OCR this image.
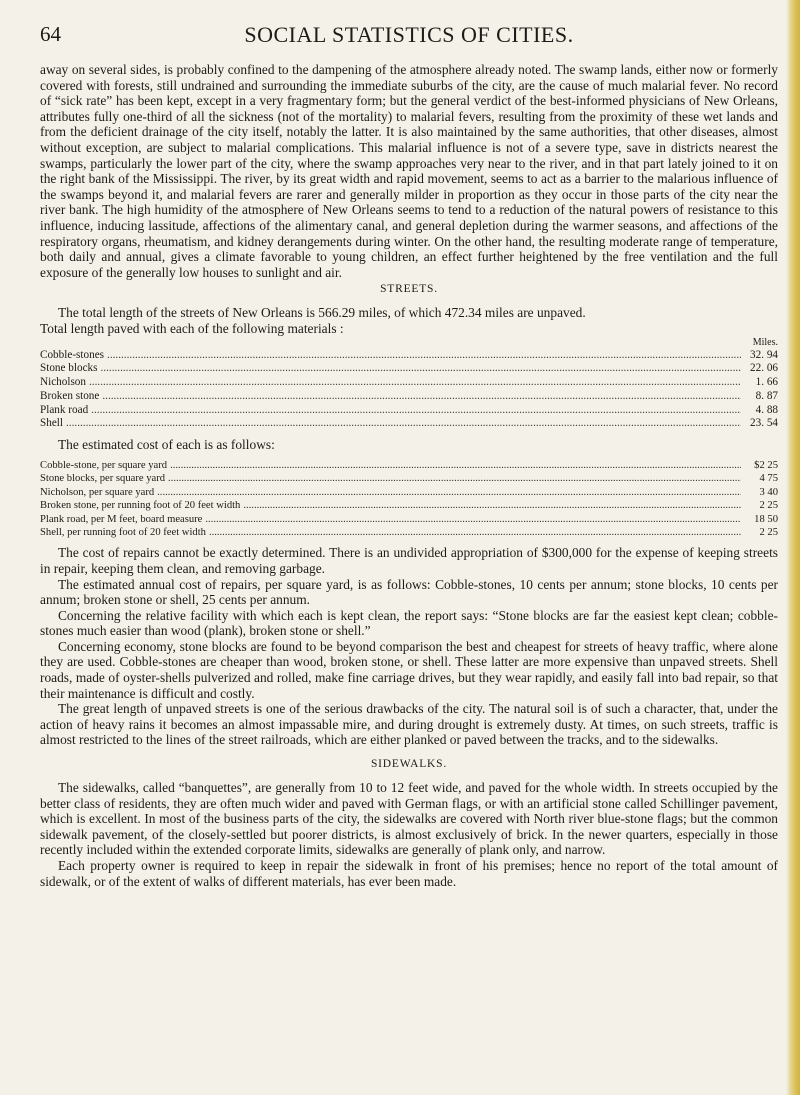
64	SOCIAL STATISTICS OF CITIES.

away on several sides, is probably confined to the dampening of the atmosphere already noted. The swamp lands, either now or formerly covered with forests, still undrained and surrounding the immediate suburbs of the city, are the cause of much malarial fever. No record of “sick rate” has been kept, except in a very fragmentary form; but the general verdict of the best-informed physicians of New Orleans, attributes fully one-third of all the sickness (not of the mortality) to malarial fevers, resulting from the proximity of these wet lands and from the deficient drainage of the city itself, notably the latter. It is also maintained by the same authorities, that other diseases, almost without exception, are subject to malarial complications. This malarial influence is not of a severe type, save in districts nearest the swamps, particularly the lower part of the city, where the swamp approaches very near to the river, and in that part lately joined to it on the right bank of the Mississippi. The river, by its great width and rapid movement, seems to act as a barrier to the malarious influence of the swamps beyond it, and malarial fevers are rarer and generally milder in proportion as they occur in those parts of the city near the river bank. The high humidity of the atmosphere of New Orleans seems to tend to a reduction of the natural powers of resistance to this influence, inducing lassitude, affections of the alimentary canal, and general depletion during the warmer seasons, and affections of the respiratory organs, rheumatism, and kidney derangements during winter. On the other hand, the resulting moderate range of temperature, both daily and annual, gives a climate favorable to young children, an effect further heightened by the free ventilation and the full exposure of the generally low houses to sunlight and air.

STREETS.

The total length of the streets of New Orleans is 566.29 miles, of which 472.34 miles are unpaved.

Total length paved with each of the following materials :

Miles.
Cobble-stones .....	32. 94
Stone blocks .....	22. 06
Nicholson .....	1. 66
Broken stone .....	8. 87
Plank road .....	4. 88
Shell .....	23. 54

The estimated cost of each is as follows:

Cobble-stone, per square yard .....	$2 25
Stone blocks, per square yard .....	4 75
Nicholson, per square yard .....	3 40
Broken stone, per running foot of 20 feet width .....	2 25
Plank road, per M feet, board measure .....	18 50
Shell, per running foot of 20 feet width .....	2 25

The cost of repairs cannot be exactly determined. There is an undivided appropriation of $300,000 for the expense of keeping streets in repair, keeping them clean, and removing garbage.

The estimated annual cost of repairs, per square yard, is as follows: Cobble-stones, 10 cents per annum; stone blocks, 10 cents per annum; broken stone or shell, 25 cents per annum.

Concerning the relative facility with which each is kept clean, the report says: “Stone blocks are far the easiest kept clean; cobble-stones much easier than wood (plank), broken stone or shell.”

Concerning economy, stone blocks are found to be beyond comparison the best and cheapest for streets of heavy traffic, where alone they are used. Cobble-stones are cheaper than wood, broken stone, or shell. These latter are more expensive than unpaved streets. Shell roads, made of oyster-shells pulverized and rolled, make fine carriage drives, but they wear rapidly, and easily fall into bad repair, so that their maintenance is difficult and costly.

The great length of unpaved streets is one of the serious drawbacks of the city. The natural soil is of such a character, that, under the action of heavy rains it becomes an almost impassable mire, and during drought is extremely dusty. At times, on such streets, traffic is almost restricted to the lines of the street railroads, which are either planked or paved between the tracks, and to the sidewalks.

SIDEWALKS.

The sidewalks, called “banquettes”, are generally from 10 to 12 feet wide, and paved for the whole width. In streets occupied by the better class of residents, they are often much wider and paved with German flags, or with an artificial stone called Schillinger pavement, which is excellent. In most of the business parts of the city, the sidewalks are covered with North river blue-stone flags; but the common sidewalk pavement, of the closely-settled but poorer districts, is almost exclusively of brick. In the newer quarters, especially in those recently included within the extended corporate limits, sidewalks are generally of plank only, and narrow.

Each property owner is required to keep in repair the sidewalk in front of his premises; hence no report of the total amount of sidewalk, or of the extent of walks of different materials, has ever been made.
